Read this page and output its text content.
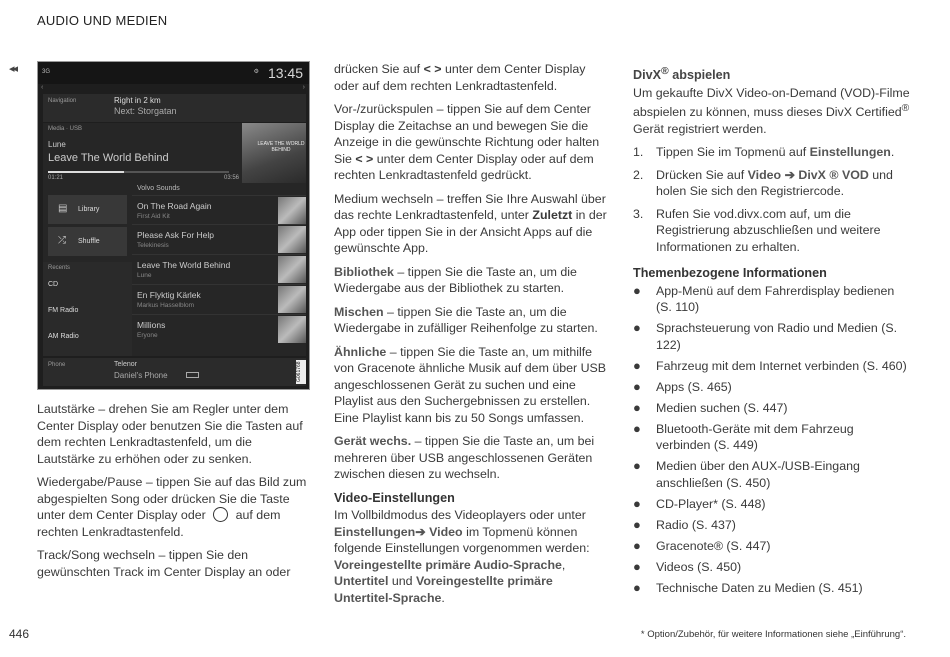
AUDIO UND MEDIEN
◂◂	3G	⚙ 13:45
‹	›
Navigation	Right in 2 km
Next: Storgatan
Media · USB
Lune
Leave The World Behind
LEAVE THE WORLD BEHIND
01:21	03:56
▤ Library
⤮ Shuffle
Recents
CD
FM Radio
AM Radio
Volvo Sounds
On The Road Again
First Aid Kit
Please Ask For Help
Telekinesis
Leave The World Behind
Lune
En Flyktig Kärlek
Markus Hasselblom
Millions
Eryone
Phone	Telenor
Daniel's Phone	G061768

Lautstärke – drehen Sie am Regler unter dem Center Display oder benutzen Sie die Tasten auf dem rechten Lenkradtastenfeld, um die Lautstärke zu erhöhen oder zu senken.

Wiedergabe/Pause – tippen Sie auf das Bild zum abgespielten Song oder drücken Sie die Taste unter dem Center Display oder auf dem rechten Lenkradtastenfeld.

Track/Song wechseln – tippen Sie den gewünschten Track im Center Display an oder

drücken Sie auf < > unter dem Center Display oder auf dem rechten Lenkradtastenfeld.

Vor-/zurückspulen – tippen Sie auf dem Center Display die Zeitachse an und bewegen Sie die Anzeige in die gewünschte Richtung oder halten Sie < > unter dem Center Display oder auf dem rechten Lenkradtastenfeld gedrückt.

Medium wechseln – treffen Sie Ihre Auswahl über das rechte Lenkradtastenfeld, unter Zuletzt in der App oder tippen Sie in der Ansicht Apps auf die gewünschte App.

Bibliothek – tippen Sie die Taste an, um die Wiedergabe aus der Bibliothek zu starten.

Mischen – tippen Sie die Taste an, um die Wiedergabe in zufälliger Reihenfolge zu starten.

Ähnliche – tippen Sie die Taste an, um mithilfe von Gracenote ähnliche Musik auf dem über USB angeschlossenen Gerät zu suchen und eine Playlist aus den Suchergebnissen zu erstellen. Eine Playlist kann bis zu 50 Songs umfassen.

Gerät wechs. – tippen Sie die Taste an, um bei mehreren über USB angeschlossenen Geräten zwischen diesen zu wechseln.

Video-Einstellungen

Im Vollbildmodus des Videoplayers oder unter Einstellungen➔ Video im Topmenü können folgende Einstellungen vorgenommen werden: Voreingestellte primäre Audio-Sprache, Untertitel und Voreingestellte primäre Untertitel-Sprache.

DivX® abspielen

Um gekaufte DivX Video-on-Demand (VOD)-Filme abspielen zu können, muss dieses DivX Certified® Gerät registriert werden.

1.	Tippen Sie im Topmenü auf Einstellungen.
2.	Drücken Sie auf Video ➔ DivX ® VOD und holen Sie sich den Registriercode.
3.	Rufen Sie vod.divx.com auf, um die Registrierung abzuschließen und weitere Informationen zu erhalten.
Themenbezogene Informationen
●	App-Menü auf dem Fahrerdisplay bedienen (S. 110)
●	Sprachsteuerung von Radio und Medien (S. 122)
●	Fahrzeug mit dem Internet verbinden (S. 460)
●	Apps (S. 465)
●	Medien suchen (S. 447)
●	Bluetooth-Geräte mit dem Fahrzeug verbinden (S. 449)
●	Medien über den AUX-/USB-Eingang anschließen (S. 450)
●	CD-Player* (S. 448)
●	Radio (S. 437)
●	Gracenote® (S. 447)
●	Videos (S. 450)
●	Technische Daten zu Medien (S. 451)
446	* Option/Zubehör, für weitere Informationen siehe „Einführung“.
